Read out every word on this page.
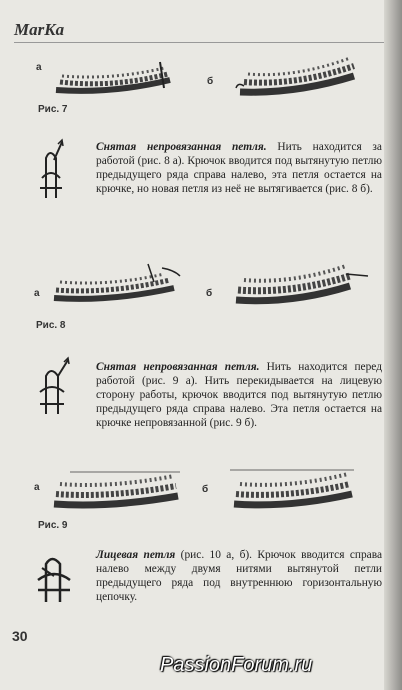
MarKa
а
б
Рис. 7
Снятая непровязанная петля. Нить находится за работой (рис. 8 а). Крючок вводится под вытянутую петлю предыдущего ряда справа налево, эта петля остается на крючке, но новая петля из неё не вытягивается (рис. 8 б).
а	б
Рис. 8
Снятая непровязанная петля. Нить находится перед работой (рис. 9 а). Нить перекидывается на лицевую сторону работы, крючок вводится под вытянутую петлю предыдущего ряда справа налево. Эта петля остается на крючке непровязанной (рис. 9 б).
а	б
Рис. 9
Лицевая петля (рис. 10 а, б). Крючок вводится справа налево между двумя нитями вытянутой петли предыдущего ряда под внутреннюю горизонтальную цепочку.
30
PassionForum.ru
